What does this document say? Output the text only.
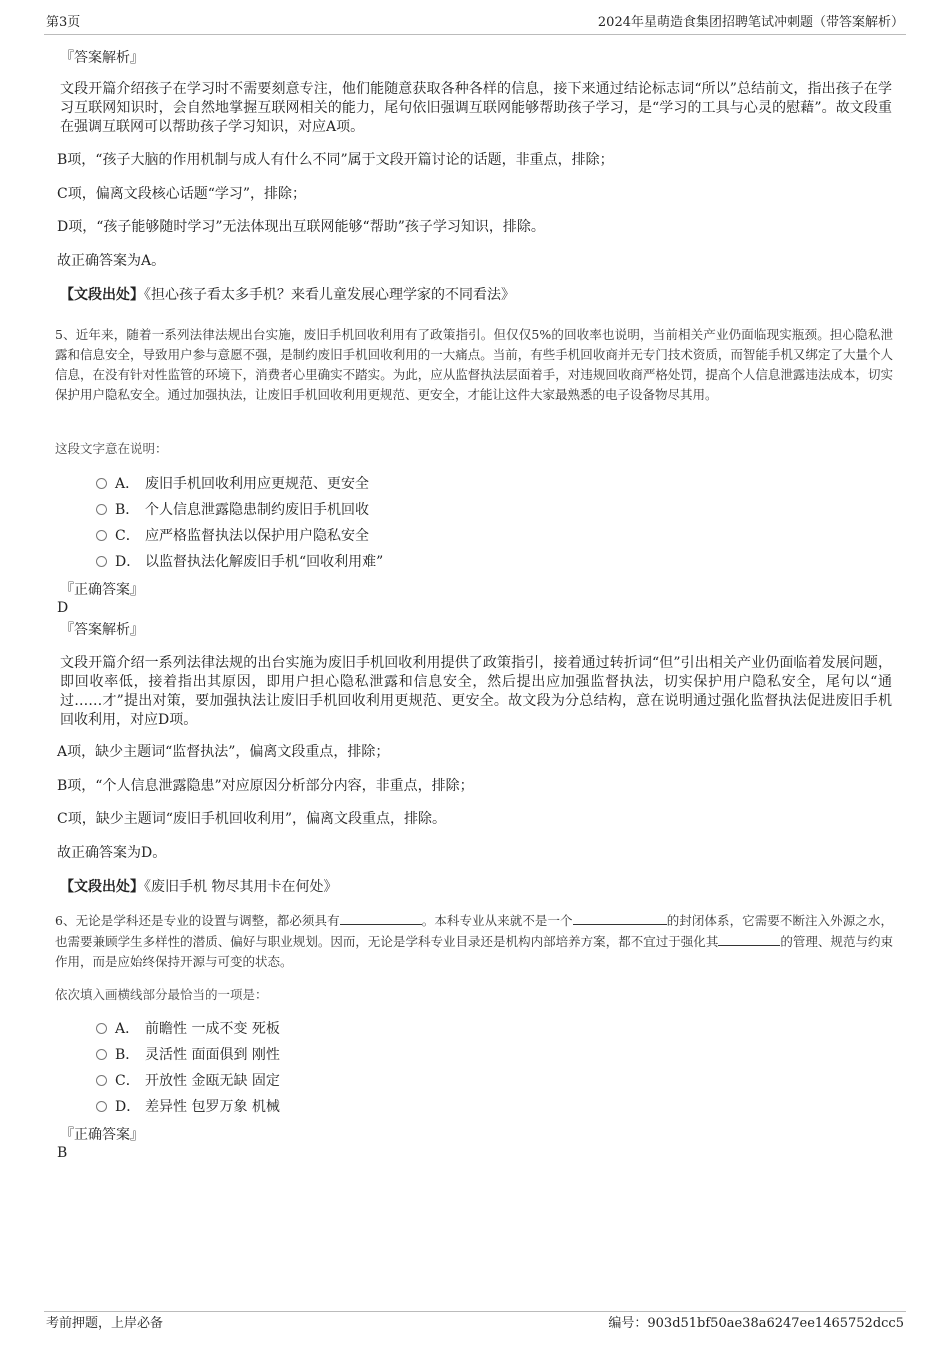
第3页	2024年星萌造食集团招聘笔试冲刺题（带答案解析）
『答案解析』
文段开篇介绍孩子在学习时不需要刻意专注，他们能随意获取各种各样的信息，接下来通过结论标志词“所以”总结前文，指出孩子在学习互联网知识时，会自然地掌握互联网相关的能力，尾句依旧强调互联网能够帮助孩子学习，是“学习的工具与心灵的慰藉”。故文段重在强调互联网可以帮助孩子学习知识，对应A项。
B项，“孩子大脑的作用机制与成人有什么不同”属于文段开篇讨论的话题，非重点，排除；
C项，偏离文段核心话题“学习”，排除；
D项，“孩子能够随时学习”无法体现出互联网能够“帮助”孩子学习知识，排除。
故正确答案为A。
【文段出处】《担心孩子看太多手机？来看儿童发展心理学家的不同看法》
5、近年来，随着一系列法律法规出台实施，废旧手机回收利用有了政策指引。但仅仅5%的回收率也说明，当前相关产业仍面临现实瓶颈。担心隐私泄露和信息安全，导致用户参与意愿不强，是制约废旧手机回收利用的一大痛点。当前，有些手机回收商并无专门技术资质，而智能手机又绑定了大量个人信息，在没有针对性监管的环境下，消费者心里确实不踏实。为此，应从监督执法层面着手，对违规回收商严格处罚，提高个人信息泄露违法成本，切实保护用户隐私安全。通过加强执法，让废旧手机回收利用更规范、更安全，才能让这件大家最熟悉的电子设备物尽其用。
这段文字意在说明：
A． 废旧手机回收利用应更规范、更安全
B． 个人信息泄露隐患制约废旧手机回收
C． 应严格监督执法以保护用户隐私安全
D． 以监督执法化解废旧手机“回收利用难”
『正确答案』
D
『答案解析』
文段开篇介绍一系列法律法规的出台实施为废旧手机回收利用提供了政策指引，接着通过转折词“但”引出相关产业仍面临着发展问题，即回收率低，接着指出其原因，即用户担心隐私泄露和信息安全，然后提出应加强监督执法，切实保护用户隐私安全，尾句以“通过……才”提出对策，要加强执法让废旧手机回收利用更规范、更安全。故文段为分总结构，意在说明通过强化监督执法促进废旧手机回收利用，对应D项。
A项，缺少主题词“监督执法”，偏离文段重点，排除；
B项，“个人信息泄露隐患”对应原因分析部分内容，非重点，排除；
C项，缺少主题词“废旧手机回收利用”，偏离文段重点，排除。
故正确答案为D。
【文段出处】《废旧手机 物尽其用卡在何处》
6、无论是学科还是专业的设置与调整，都必须具有	。本科专业从来就不是一个	的封闭体系，它需要不断注入外源之水，也需要兼顾学生多样性的潜质、偏好与职业规划。因而，无论是学科专业目录还是机构内部培养方案，都不宜过于强化其	的管理、规范与约束作用，而是应始终保持开源与可变的状态。
依次填入画横线部分最恰当的一项是：
A． 前瞻性 一成不变 死板
B． 灵活性 面面俱到 刚性
C． 开放性 金瓯无缺 固定
D． 差异性 包罗万象 机械
『正确答案』
B
考前押题，上岸必备	编号：903d51bf50ae38a6247ee1465752dcc5
